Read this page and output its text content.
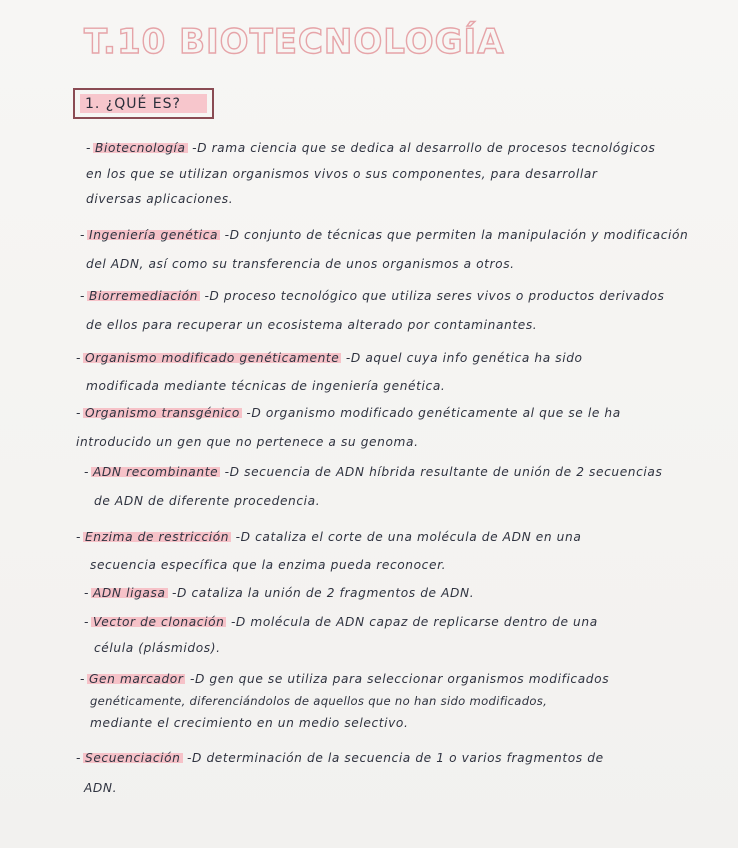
T.10 BIOTECNOLOGÍA
1. ¿QUÉ ES?
- Biotecnología -D rama ciencia que se dedica al desarrollo de procesos tecnológicos
en los que se utilizan organismos vivos o sus componentes, para desarrollar
diversas aplicaciones.
- Ingeniería genética -D conjunto de técnicas que permiten la manipulación y modificación
del ADN, así como su transferencia de unos organismos a otros.
- Biorremediación -D proceso tecnológico que utiliza seres vivos o productos derivados
de ellos para recuperar un ecosistema alterado por contaminantes.
- Organismo modificado genéticamente -D aquel cuya info genética ha sido
modificada mediante técnicas de ingeniería genética.
- Organismo transgénico -D organismo modificado genéticamente al que se le ha
introducido un gen que no pertenece a su genoma.
- ADN recombinante -D secuencia de ADN híbrida resultante de unión de 2 secuencias
de ADN de diferente procedencia.
- Enzima de restricción -D cataliza el corte de una molécula de ADN en una
secuencia específica que la enzima pueda reconocer.
- ADN ligasa -D cataliza la unión de 2 fragmentos de ADN.
- Vector de clonación -D molécula de ADN capaz de replicarse dentro de una
célula (plásmidos).
- Gen marcador -D gen que se utiliza para seleccionar organismos modificados
genéticamente, diferenciándolos de aquellos que no han sido modificados,
mediante el crecimiento en un medio selectivo.
- Secuenciación -D determinación de la secuencia de 1 o varios fragmentos de
ADN.
